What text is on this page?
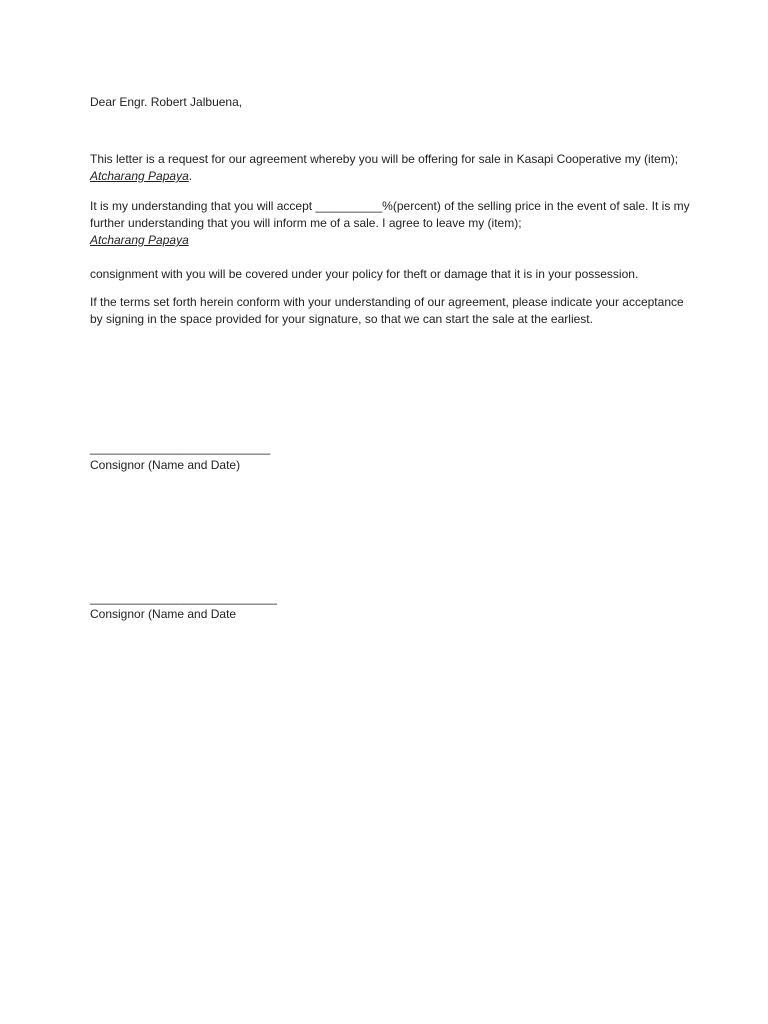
Dear Engr. Robert Jalbuena,

This letter is a request for our agreement whereby you will be offering for sale in Kasapi Cooperative my (item); Atcharang Papaya.

It is my understanding that you will accept __________%(percent) of the selling price in the event of sale. It is my further understanding that you will inform me of a sale. I agree to leave my (item);
Atcharang Papaya

consignment with you will be covered under your policy for theft or damage that it is in your possession.

If the terms set forth herein conform with your understanding of our agreement, please indicate your acceptance by signing in the space provided for your signature, so that we can start the sale at the earliest.

___________________________
Consignor (Name and Date)
____________________________
Consignor (Name and Date
